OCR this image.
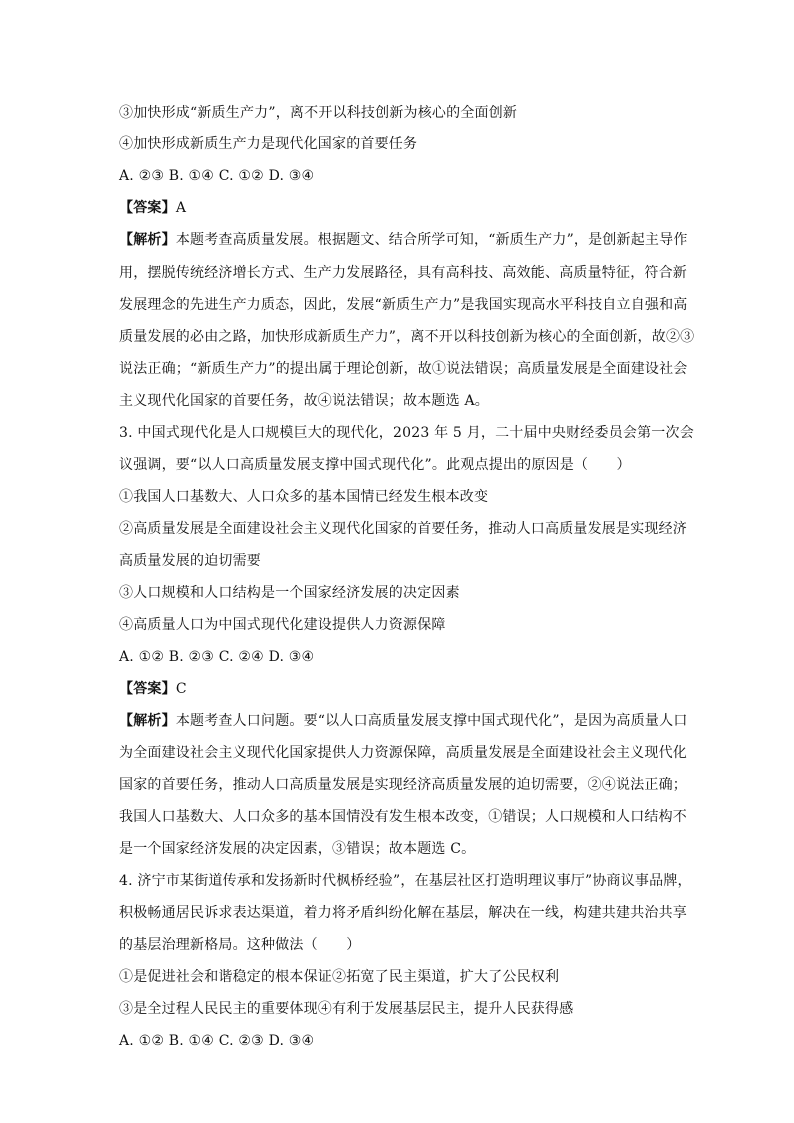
③加快形成“新质生产力”，离不开以科技创新为核心的全面创新
④加快形成新质生产力是现代化国家的首要任务
A. ②③ B. ①④ C. ①② D. ③④
【答案】A
【解析】本题考查高质量发展。根据题文、结合所学可知，“新质生产力”，是创新起主导作
用，摆脱传统经济增长方式、生产力发展路径，具有高科技、高效能、高质量特征，符合新
发展理念的先进生产力质态，因此，发展“新质生产力”是我国实现高水平科技自立自强和高
质量发展的必由之路，加快形成新质生产力”，离不开以科技创新为核心的全面创新，故②③
说法正确；“新质生产力”的提出属于理论创新，故①说法错误；高质量发展是全面建设社会
主义现代化国家的首要任务，故④说法错误；故本题选 A。
3. 中国式现代化是人口规模巨大的现代化，2023 年 5 月，二十届中央财经委员会第一次会
议强调，要“以人口高质量发展支撑中国式现代化”。此观点提出的原因是（　　）
①我国人口基数大、人口众多的基本国情已经发生根本改变
②高质量发展是全面建设社会主义现代化国家的首要任务，推动人口高质量发展是实现经济
高质量发展的迫切需要
③人口规模和人口结构是一个国家经济发展的决定因素
④高质量人口为中国式现代化建设提供人力资源保障
A. ①② B. ②③ C. ②④ D. ③④
【答案】C
【解析】本题考查人口问题。要“以人口高质量发展支撑中国式现代化”，是因为高质量人口
为全面建设社会主义现代化国家提供人力资源保障，高质量发展是全面建设社会主义现代化
国家的首要任务，推动人口高质量发展是实现经济高质量发展的迫切需要，②④说法正确；
我国人口基数大、人口众多的基本国情没有发生根本改变，①错误；人口规模和人口结构不
是一个国家经济发展的决定因素，③错误；故本题选 C。
4. 济宁市某街道传承和发扬新时代枫桥经验”，在基层社区打造明理议事厅”协商议事品牌，
积极畅通居民诉求表达渠道，着力将矛盾纠纷化解在基层，解决在一线，构建共建共治共享
的基层治理新格局。这种做法（　　）
①是促进社会和谐稳定的根本保证②拓宽了民主渠道，扩大了公民权利
③是全过程人民民主的重要体现④有利于发展基层民主，提升人民获得感
A. ①② B. ①④ C. ②③ D. ③④
